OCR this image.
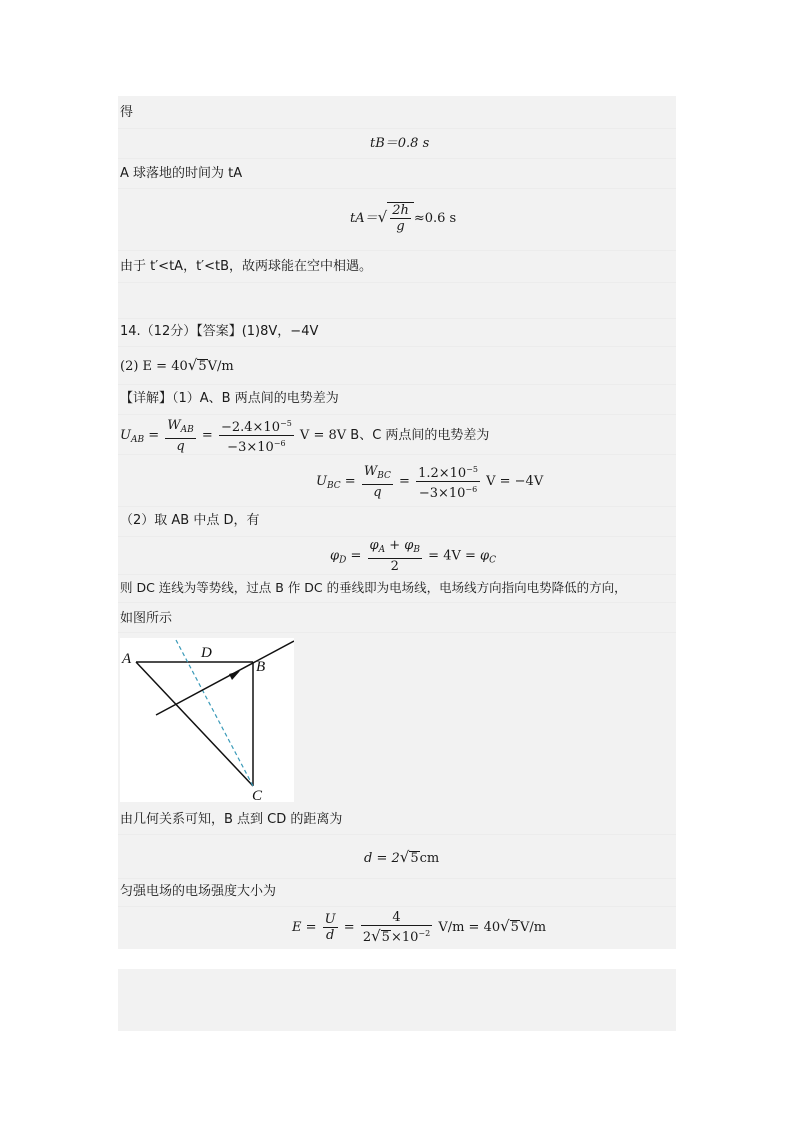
得
tB＝0.8 s
A 球落地的时间为 tA
$tA=√ \frac{2h}{g} \approx 0.6$ s
由于 t′<tA，t′<tB，故两球能在空中相遇。
14.（12分）【答案】(1)8V，−4V
(2) E = 40√5V/m
【详解】（1）A、B 两点间的电势差为
$U_{AB} = \frac{W_{AB}}{q} = \frac{-2.4\times 10^{-5}}{-3\times 10^{-6}}$ V = 8V B、C 两点间的电势差为
$U_{BC} = \frac{W_{BC}}{q} = \frac{1.2\times 10^{-5}}{-3\times 10^{-6}}$ V = −4V
（2）取 AB 中点 D，有
$\varphi_D = \frac{\varphi_A + \varphi_B}{2} = 4V = \varphi_C$
则 DC 连线为等势线，过点 B 作 DC 的垂线即为电场线，电场线方向指向电势降低的方向，
如图所示
A	D
B
C
由几何关系可知，B 点到 CD 的距离为
d = 2√5cm
匀强电场的电场强度大小为
$E = \frac{U}{d} = \frac{4}{2√5\times 10^{-2}} V/m = 40√5V/m$
